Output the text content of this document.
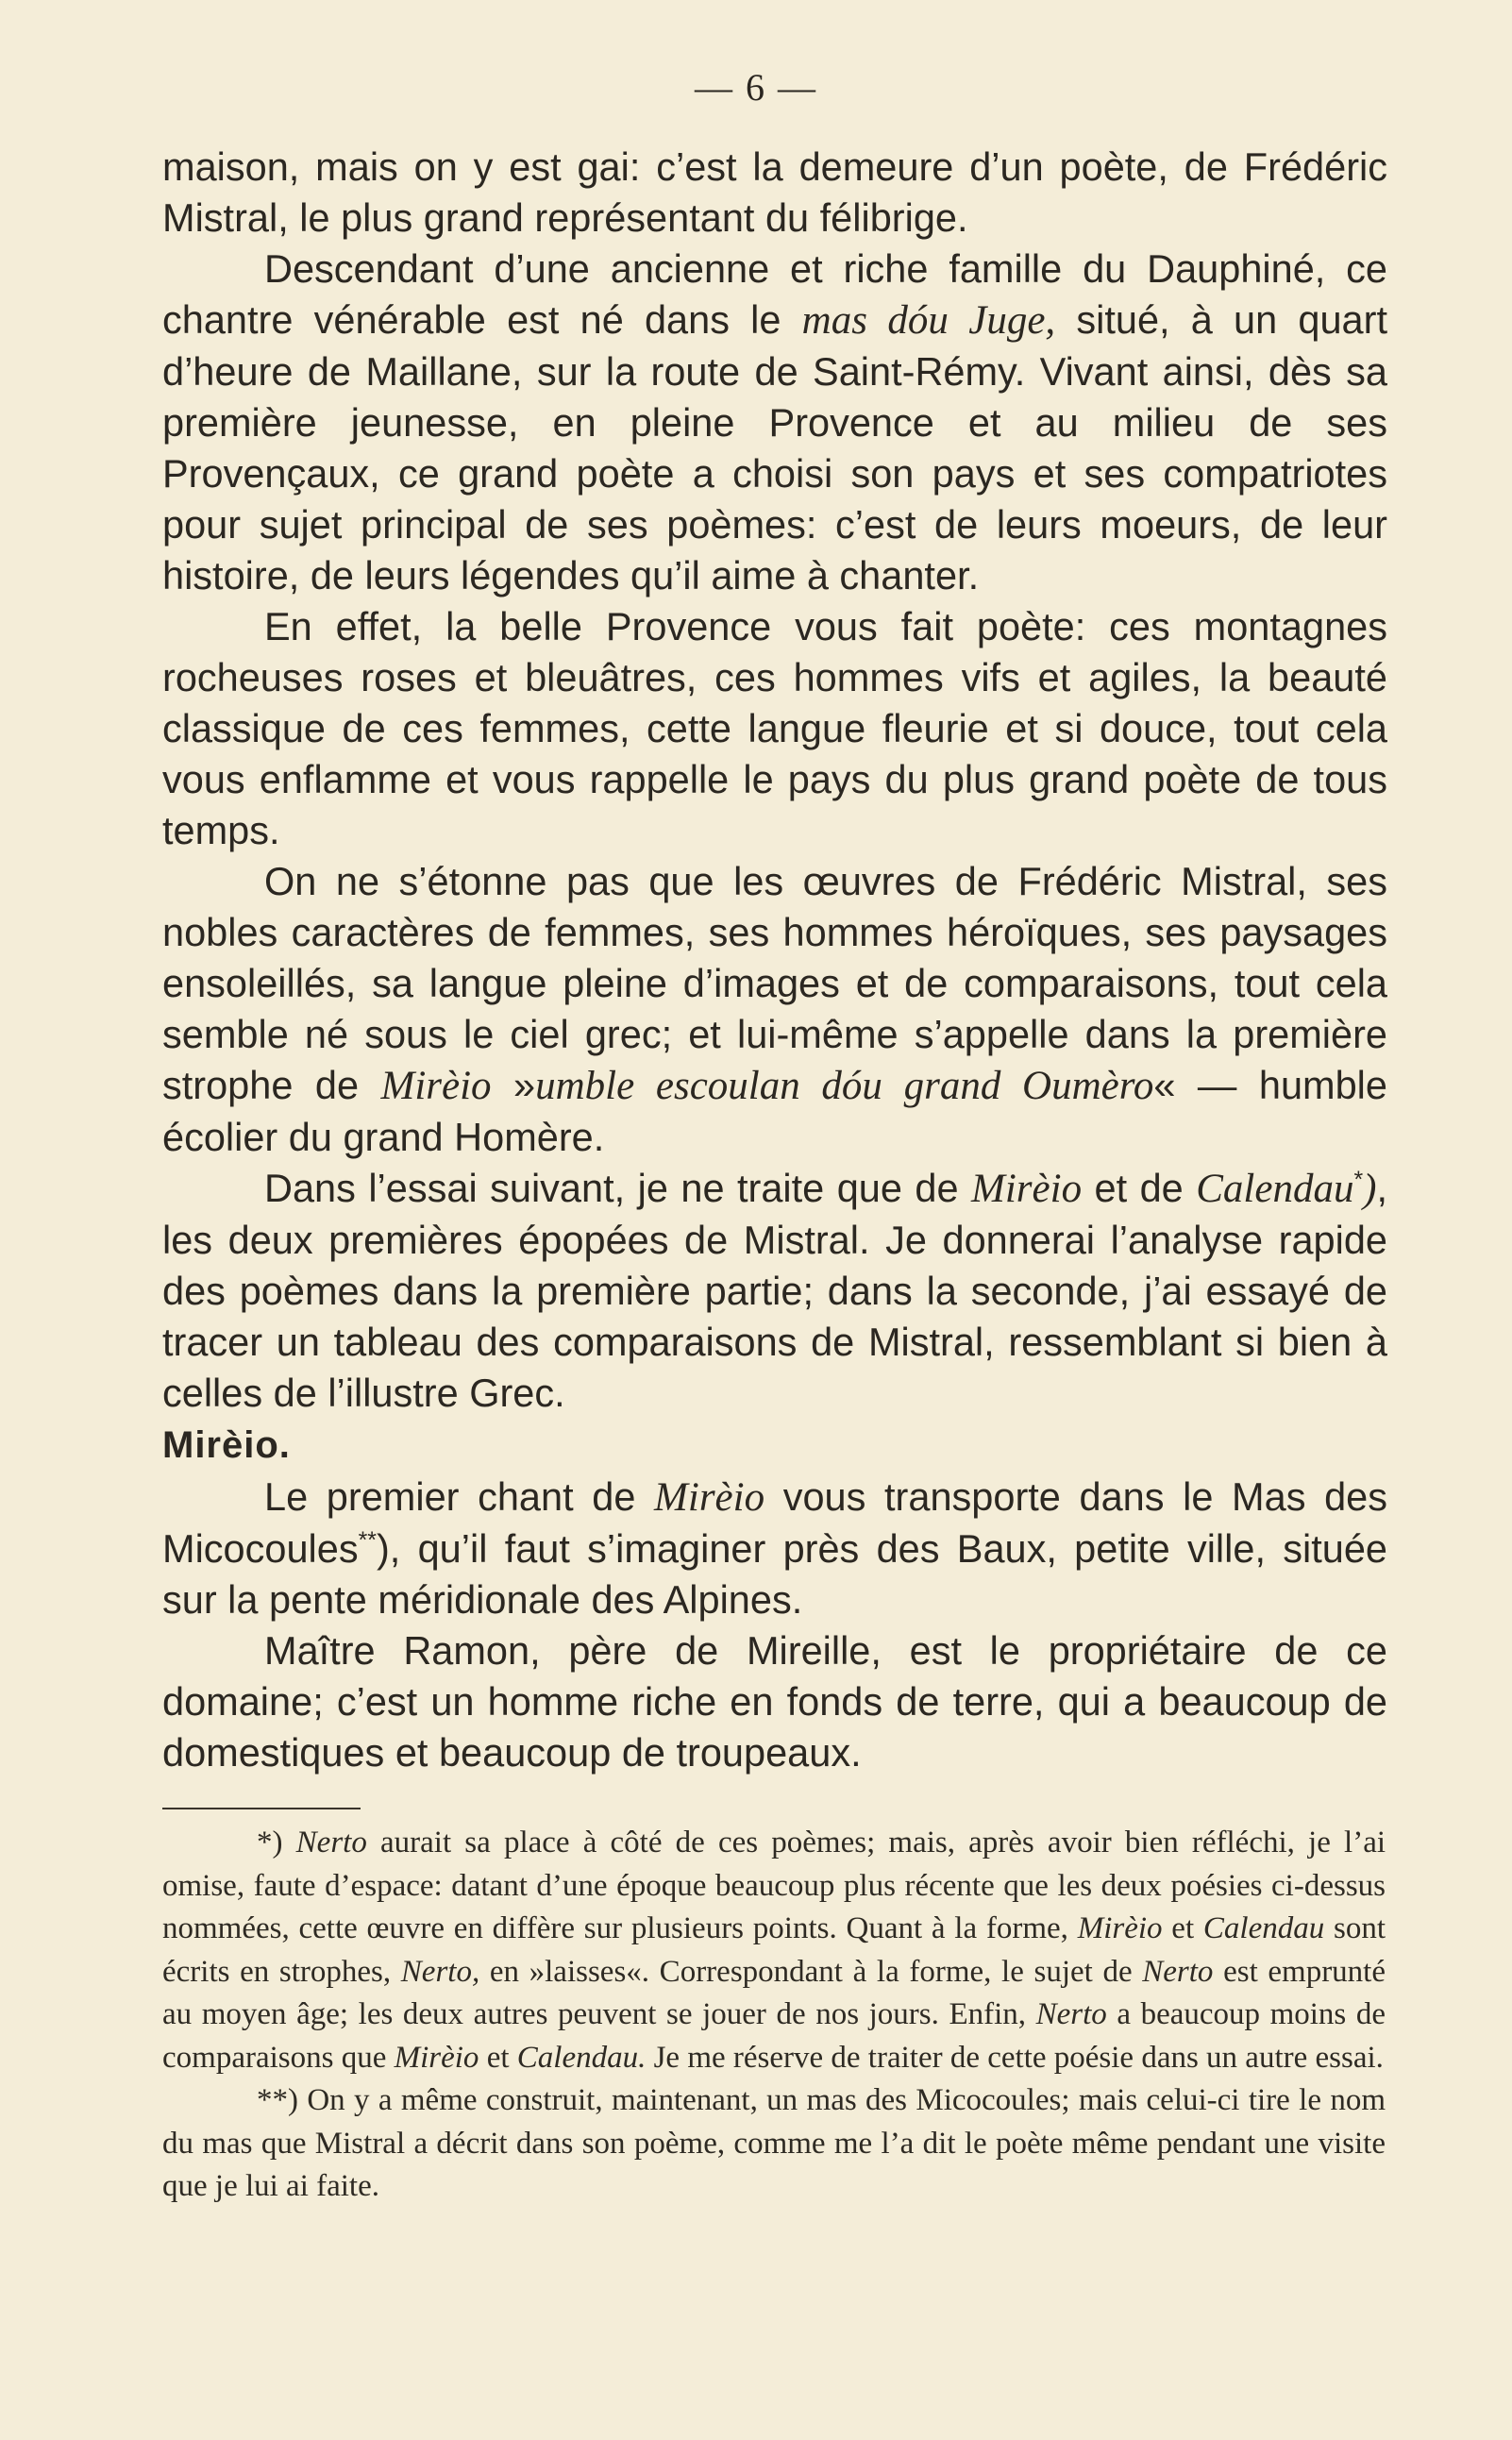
— 6 —

maison, mais on y est gai: c’est la demeure d’un poète, de Frédéric Mistral, le plus grand représentant du félibrige.

Descendant d’une ancienne et riche famille du Dauphiné, ce chantre vénérable est né dans le mas dóu Juge, situé, à un quart d’heure de Maillane, sur la route de Saint-Rémy. Vivant ainsi, dès sa première jeunesse, en pleine Provence et au milieu de ses Provençaux, ce grand poète a choisi son pays et ses compatriotes pour sujet principal de ses poèmes: c’est de leurs moeurs, de leur histoire, de leurs légendes qu’il aime à chanter.

En effet, la belle Provence vous fait poète: ces montagnes rocheuses roses et bleuâtres, ces hommes vifs et agiles, la beauté classique de ces femmes, cette langue fleurie et si douce, tout cela vous enflamme et vous rappelle le pays du plus grand poète de tous temps.

On ne s’étonne pas que les œuvres de Frédéric Mistral, ses nobles caractères de femmes, ses hommes héroïques, ses paysages ensoleillés, sa langue pleine d’images et de comparaisons, tout cela semble né sous le ciel grec; et lui-même s’appelle dans la première strophe de Mirèio »umble escoulan dóu grand Oumèro« — humble écolier du grand Homère.

Dans l’essai suivant, je ne traite que de Mirèio et de Calendau*), les deux premières épopées de Mistral. Je donnerai l’analyse rapide des poèmes dans la première partie; dans la seconde, j’ai essayé de tracer un tableau des comparaisons de Mistral, ressemblant si bien à celles de l’illustre Grec.

Mirèio.

Le premier chant de Mirèio vous transporte dans le Mas des Micocoules**), qu’il faut s’imaginer près des Baux, petite ville, située sur la pente méridionale des Alpines.

Maître Ramon, père de Mireille, est le propriétaire de ce domaine; c’est un homme riche en fonds de terre, qui a beaucoup de domestiques et beaucoup de troupeaux.

*) Nerto aurait sa place à côté de ces poèmes; mais, après avoir bien réfléchi, je l’ai omise, faute d’espace: datant d’une époque beaucoup plus récente que les deux poésies ci-dessus nommées, cette œuvre en diffère sur plusieurs points. Quant à la forme, Mirèio et Calendau sont écrits en strophes, Nerto, en »laisses«. Correspondant à la forme, le sujet de Nerto est emprunté au moyen âge; les deux autres peuvent se jouer de nos jours. Enfin, Nerto a beaucoup moins de comparaisons que Mirèio et Calendau. Je me réserve de traiter de cette poésie dans un autre essai.

**) On y a même construit, maintenant, un mas des Micocoules; mais celui-ci tire le nom du mas que Mistral a décrit dans son poème, comme me l’a dit le poète même pendant une visite que je lui ai faite.
